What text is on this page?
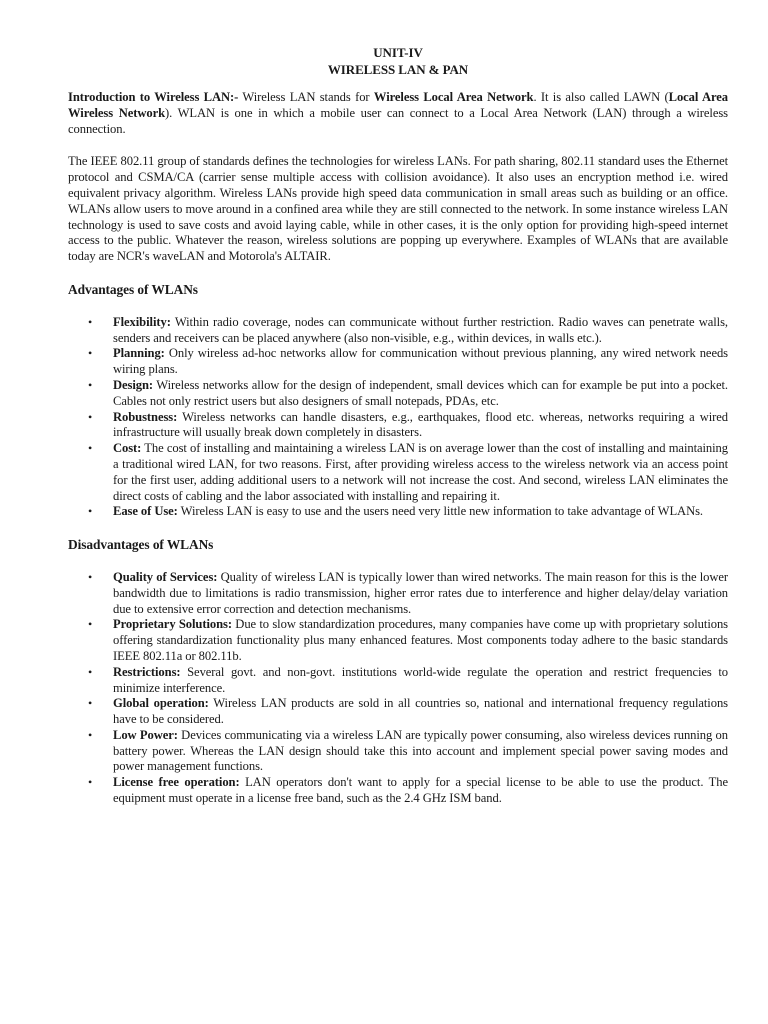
UNIT-IV
WIRELESS LAN & PAN

Introduction to Wireless LAN:- Wireless LAN stands for Wireless Local Area Network. It is also called LAWN (Local Area Wireless Network). WLAN is one in which a mobile user can connect to a Local Area Network (LAN) through a wireless connection.

The IEEE 802.11 group of standards defines the technologies for wireless LANs. For path sharing, 802.11 standard uses the Ethernet protocol and CSMA/CA (carrier sense multiple access with collision avoidance). It also uses an encryption method i.e. wired equivalent privacy algorithm. Wireless LANs provide high speed data communication in small areas such as building or an office. WLANs allow users to move around in a confined area while they are still connected to the network. In some instance wireless LAN technology is used to save costs and avoid laying cable, while in other cases, it is the only option for providing high-speed internet access to the public. Whatever the reason, wireless solutions are popping up everywhere. Examples of WLANs that are available today are NCR's waveLAN and Motorola's ALTAIR.

Advantages of WLANs
• Flexibility: Within radio coverage, nodes can communicate without further restriction. Radio waves can penetrate walls, senders and receivers can be placed anywhere (also non-visible, e.g., within devices, in walls etc.).
• Planning: Only wireless ad-hoc networks allow for communication without previous planning, any wired network needs wiring plans.
• Design: Wireless networks allow for the design of independent, small devices which can for example be put into a pocket. Cables not only restrict users but also designers of small notepads, PDAs, etc.
• Robustness: Wireless networks can handle disasters, e.g., earthquakes, flood etc. whereas, networks requiring a wired infrastructure will usually break down completely in disasters.
• Cost: The cost of installing and maintaining a wireless LAN is on average lower than the cost of installing and maintaining a traditional wired LAN, for two reasons. First, after providing wireless access to the wireless network via an access point for the first user, adding additional users to a network will not increase the cost. And second, wireless LAN eliminates the direct costs of cabling and the labor associated with installing and repairing it.
• Ease of Use: Wireless LAN is easy to use and the users need very little new information to take advantage of WLANs.
Disadvantages of WLANs
• Quality of Services: Quality of wireless LAN is typically lower than wired networks. The main reason for this is the lower bandwidth due to limitations is radio transmission, higher error rates due to interference and higher delay/delay variation due to extensive error correction and detection mechanisms.
• Proprietary Solutions: Due to slow standardization procedures, many companies have come up with proprietary solutions offering standardization functionality plus many enhanced features. Most components today adhere to the basic standards IEEE 802.11a or 802.11b.
• Restrictions: Several govt. and non-govt. institutions world-wide regulate the operation and restrict frequencies to minimize interference.
• Global operation: Wireless LAN products are sold in all countries so, national and international frequency regulations have to be considered.
• Low Power: Devices communicating via a wireless LAN are typically power consuming, also wireless devices running on battery power. Whereas the LAN design should take this into account and implement special power saving modes and power management functions.
• License free operation: LAN operators don't want to apply for a special license to be able to use the product. The equipment must operate in a license free band, such as the 2.4 GHz ISM band.
